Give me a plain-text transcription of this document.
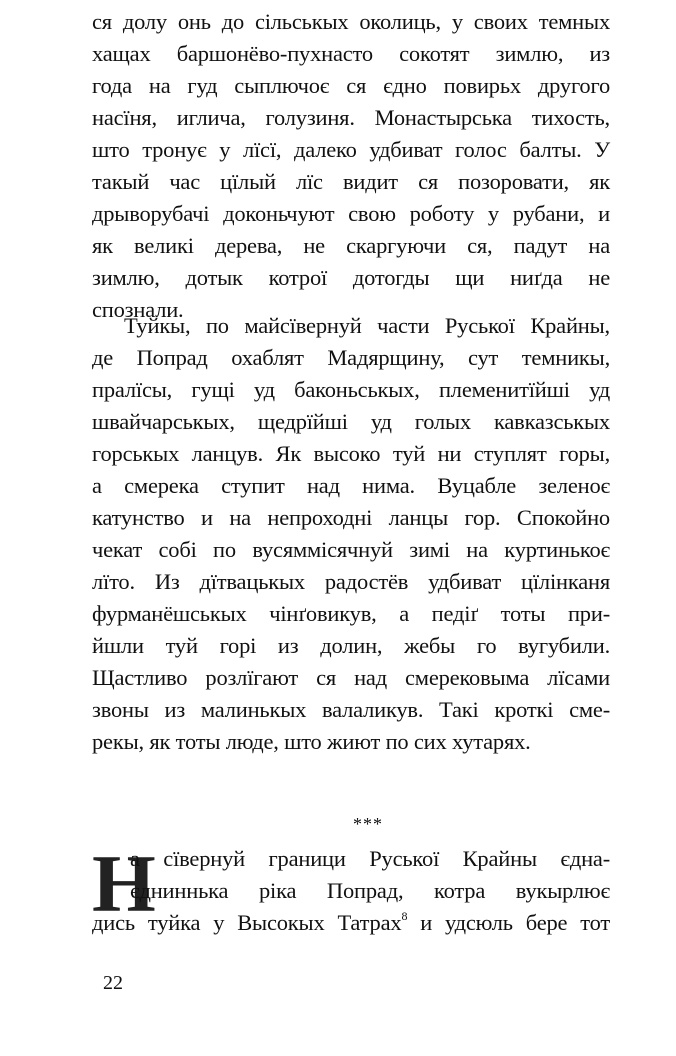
ся долу онь до сільськых околиць, у своих темных
хащах баршонёво-пухнасто сокотят зимлю, из
года на гуд сыплючоє ся єдно повирьх другого
насїня, иглича, голузиня. Монастырська тихость,
што тронує у лїсї, далеко удбиват голос балты. У
такый час цїлый лїс видит ся позоровати, як
дрыворубачі доконьчуют свою роботу у рубани, и
як великі дерева, не скаргуючи ся, падут на
зимлю, дотык котрої дотогды щи ниґда не
спознали.
Туйкы, по майсївернуй части Руської Крайны,
де Попрад охаблят Мадярщину, сут темникы,
пралїсы, гущі уд баконьськых, племенитїйші уд
швайчарськых, щедрїйші уд голых кавказськых
горськых ланцув. Як высоко туй ни ступлят горы,
а смерека ступит над нима. Вуцабле зеленоє
катунство и на непроходні ланцы гор. Спокойно
чекат собі по вусяммісячнуй зимі на куртинькоє
лїто. Из дїтвацькых радостёв удбиват цїлінканя
фурманёшськых чінґовикув, а педіґ тоты при-
йшли туй горі из долин, жебы го вугубили.
Щастливо розлїгают ся над смерековыма лїсами
звоны из малинькых валаликув. Такі кроткі сме-
рекы, як тоты люде, што жиют по сих хутарях.
***
Н
а сївернуй граници Руської Крайны єдна-
єдниннька ріка Попрад, котра вукырлює
дись туйка у Высокых Татрах$^8$ и удсюль бере тот
22
